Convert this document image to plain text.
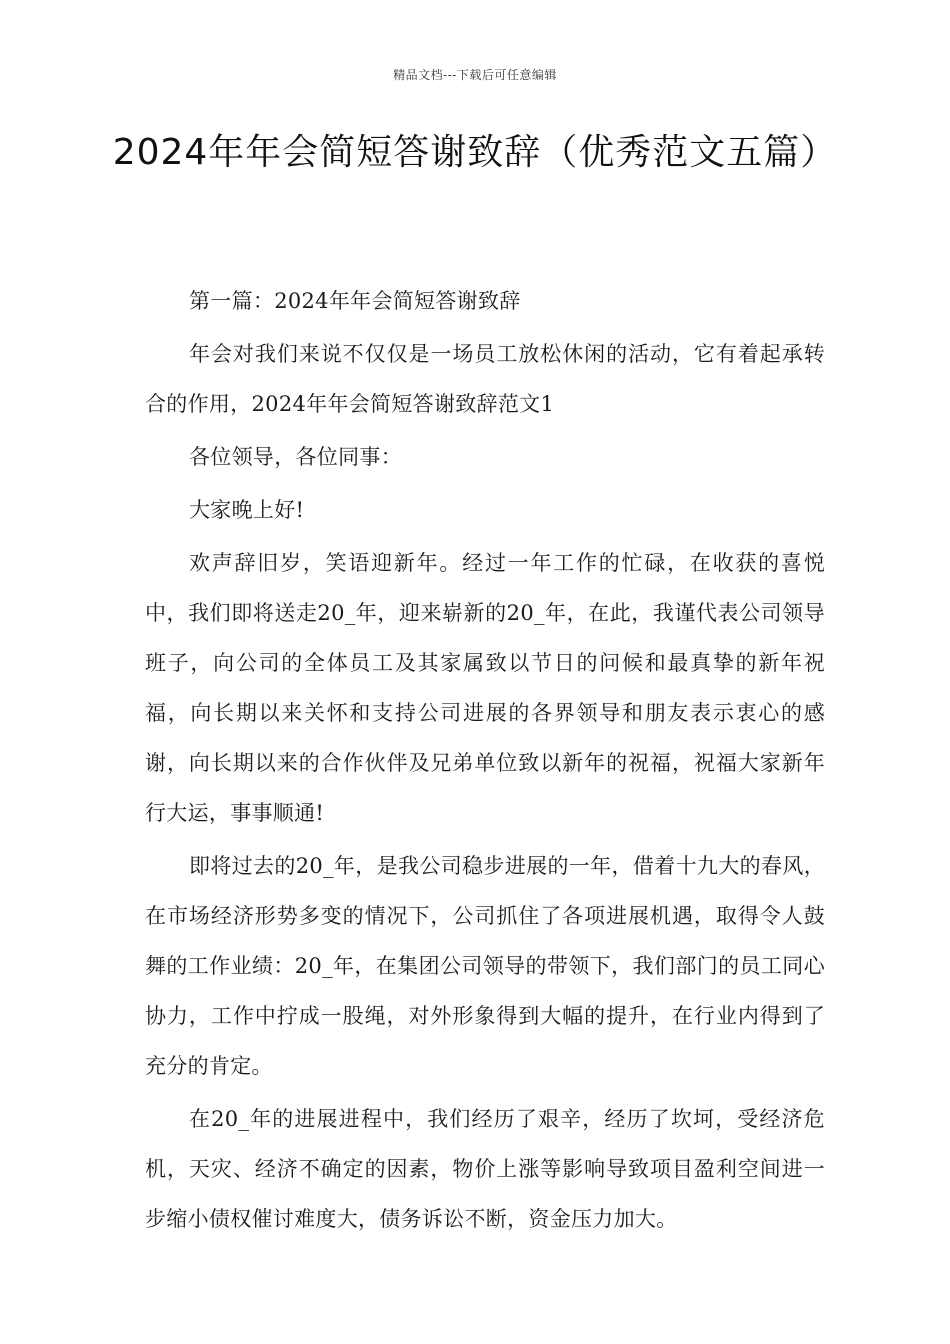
精品文档---下载后可任意编辑
2024年年会简短答谢致辞（优秀范文五篇）

第一篇：2024年年会简短答谢致辞

年会对我们来说不仅仅是一场员工放松休闲的活动，它有着起承转合的作用，2024年年会简短答谢致辞范文1

各位领导，各位同事：

大家晚上好!

欢声辞旧岁，笑语迎新年。经过一年工作的忙碌，在收获的喜悦中，我们即将送走20_年，迎来崭新的20_年，在此，我谨代表公司领导班子，向公司的全体员工及其家属致以节日的问候和最真挚的新年祝福，向长期以来关怀和支持公司进展的各界领导和朋友表示衷心的感谢，向长期以来的合作伙伴及兄弟单位致以新年的祝福，祝福大家新年行大运，事事顺通!

即将过去的20_年，是我公司稳步进展的一年，借着十九大的春风，在市场经济形势多变的情况下，公司抓住了各项进展机遇，取得令人鼓舞的工作业绩：20_年，在集团公司领导的带领下，我们部门的员工同心协力，工作中拧成一股绳，对外形象得到大幅的提升，在行业内得到了充分的肯定。

在20_年的进展进程中，我们经历了艰辛，经历了坎坷，受经济危机，天灾、经济不确定的因素，物价上涨等影响导致项目盈利空间进一步缩小债权催讨难度大，债务诉讼不断，资金压力加大。
